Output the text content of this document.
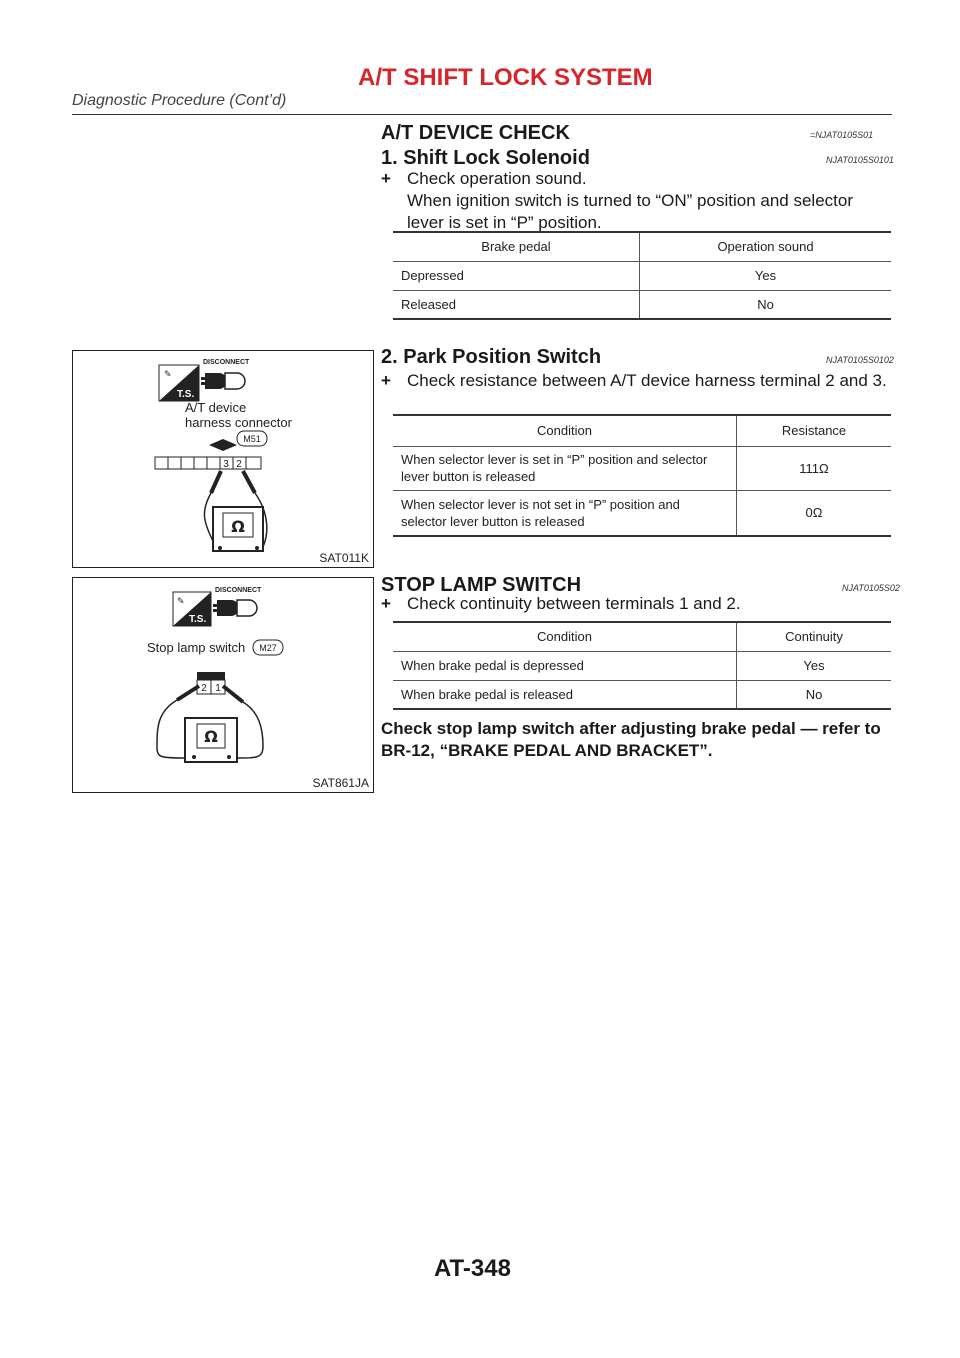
A/T SHIFT LOCK SYSTEM
Diagnostic Procedure (Cont’d)
A/T DEVICE CHECK	=NJAT0105S01
1. Shift Lock Solenoid	NJAT0105S0101
+ Check operation sound.
When ignition switch is turned to “ON” position and selector lever is set in “P” position.
Brake pedal	Operation sound
Depressed	Yes
Released	No
✎
T.S.
DISCONNECT
A/T device
harness connector
M51
3 2
Ω
SAT011K
2. Park Position Switch	NJAT0105S0102
+ Check resistance between A/T device harness terminal 2 and 3.
Condition	Resistance
When selector lever is set in “P” position and selector lever button is released	111Ω
When selector lever is not set in “P” position and selector lever button is released	0Ω
✎
T.S.
DISCONNECT
Stop lamp switch M27
2 1
Ω
SAT861JA
STOP LAMP SWITCH	NJAT0105S02
+ Check continuity between terminals 1 and 2.
Condition	Continuity
When brake pedal is depressed	Yes
When brake pedal is released	No
Check stop lamp switch after adjusting brake pedal — refer to BR-12, “BRAKE PEDAL AND BRACKET”.
AT-348
